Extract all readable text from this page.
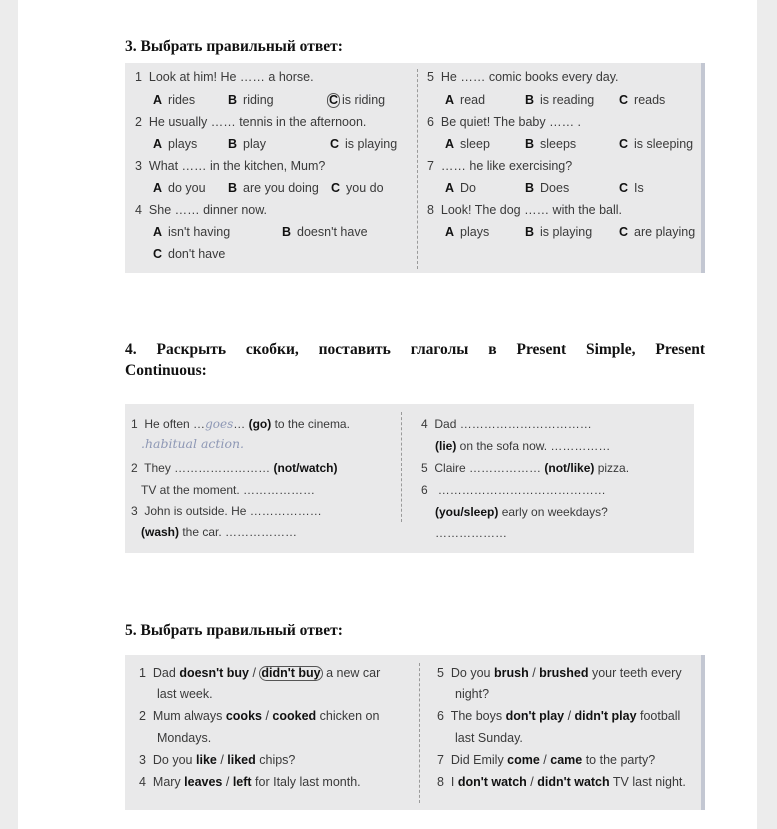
3. Выбрать правильный ответ:
1 Look at him! He …… a horse.
A rides	B riding	C is riding
2 He usually …… tennis in the afternoon.
A plays B play	C is playing
3 What …… in the kitchen, Mum?
A do you B are you doing C you do
4 She …… dinner now.
A isn't having	B doesn't have
C don't have
5 He …… comic books every day.
A read	B is reading C reads
6 Be quiet! The baby …… .
A sleep	B sleeps	C is sleeping
7 …… he like exercising?
A Do	B Does	C Is
8 Look! The dog …… with the ball.
A plays	B is playing C are playing
4. Раскрыть скобки, поставить глаголы в Present Simple, Present
Continuous:
1 He often …goes… (go) to the cinema.
.habitual action.
2 They …………………… (not/watch)
TV at the moment. ………………
3 John is outside. He ………………
(wash) the car. ………………
4 Dad ……………………………
(lie) on the sofa now. ……………
5 Claire ……………… (not/like) pizza.
6 ……………………………………
(you/sleep) early on weekdays?
………………
5. Выбрать правильный ответ:
1 Dad doesn't buy / didn't buy a new car
last week.
2 Mum always cooks / cooked chicken on
Mondays.
3 Do you like / liked chips?
4 Mary leaves / left for Italy last month.
5 Do you brush / brushed your teeth every
night?
6 The boys don't play / didn't play football
last Sunday.
7 Did Emily come / came to the party?
8 I don't watch / didn't watch TV last night.
